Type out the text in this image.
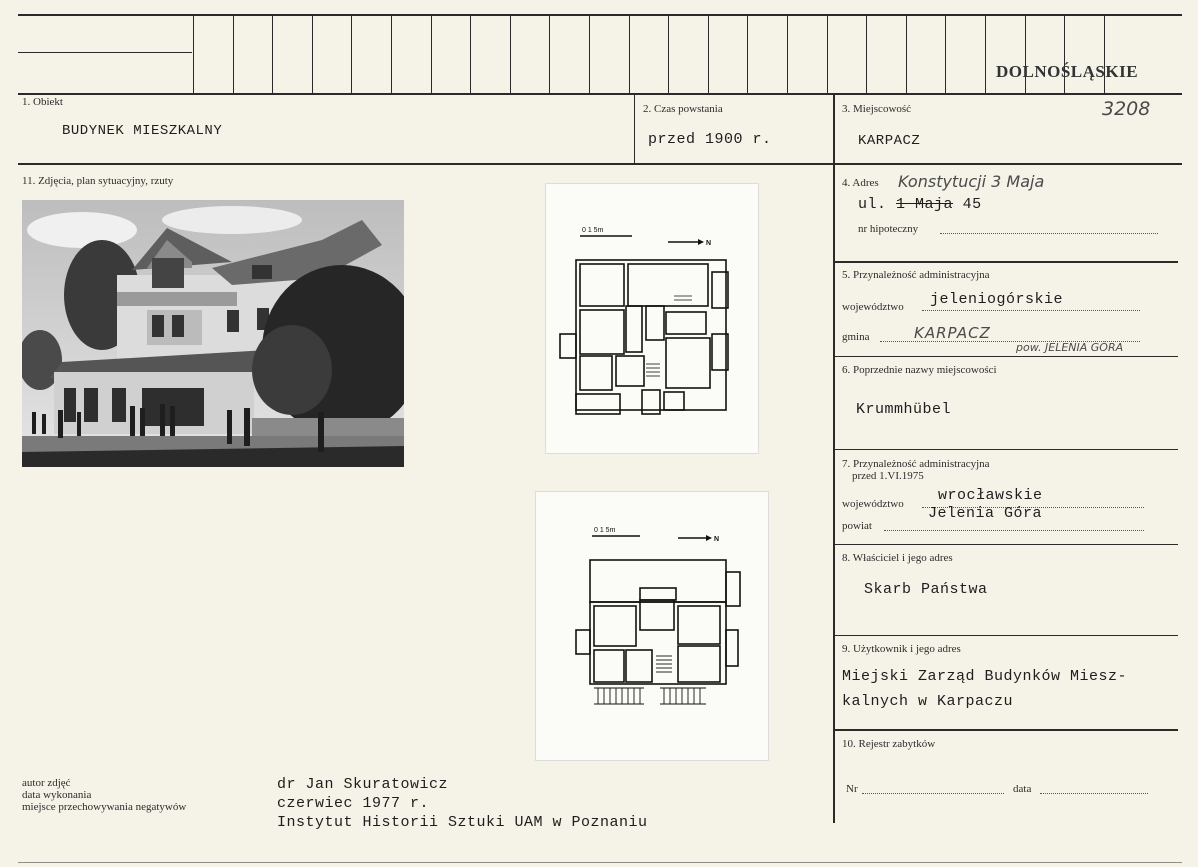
DOLNOŚLĄSKIE
3208
1. Obiekt
BUDYNEK MIESZKALNY
2. Czas powstania
przed 1900 r.
3. Miejscowość
KARPACZ
11. Zdjęcia, plan sytuacyjny, rzuty
0 1 5m
N
0 1 5m
N
4. Adres Konstytucji 3 Maja
ul. 1 Maja 45
nr hipoteczny
5. Przynależność administracyjna
województwo jeleniogórskie
gmina	KARPACZ
pow. JELENIA GÓRA
6. Poprzednie nazwy miejscowości
Krummhübel
7. Przynależność administracyjna
przed 1.VI.1975
wrocławskie
województwo
Jelenia Góra
powiat
8. Właściciel i jego adres
Skarb Państwa
9. Użytkownik i jego adres
Miejski Zarząd Budynków Miesz-
kalnych w Karpaczu
10. Rejestr zabytków
Nr	data
autor zdjęć
data wykonania
miejsce przechowywania negatywów
dr Jan Skuratowicz
czerwiec 1977 r.
Instytut Historii Sztuki UAM w Poznaniu
